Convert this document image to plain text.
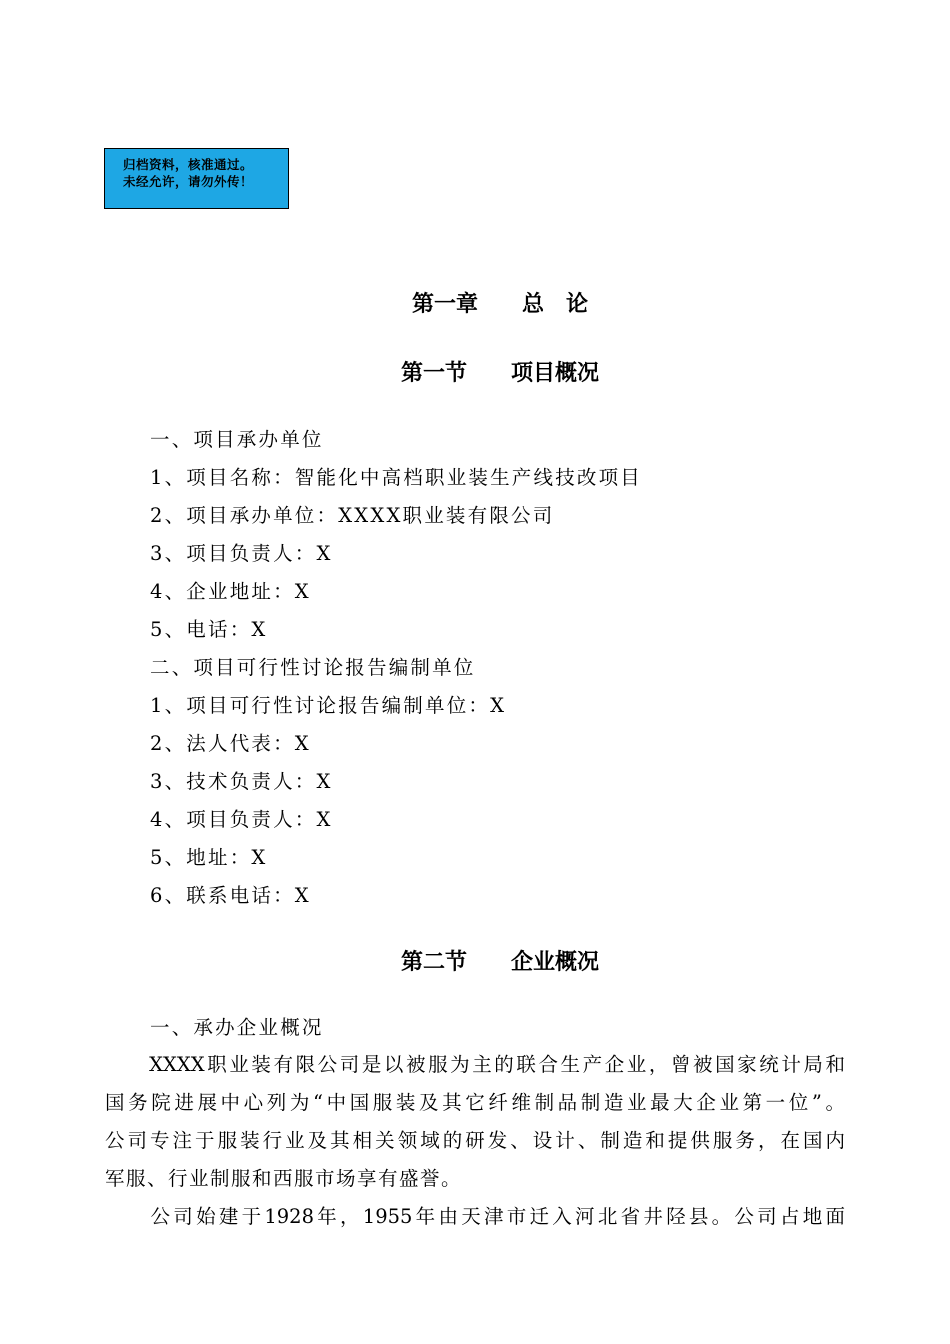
归档资料，核准通过。
未经允许，请勿外传！
第一章　　总　论
第一节　　项目概况
一、项目承办单位
1、项目名称：智能化中高档职业装生产线技改项目
2、项目承办单位：XXXX职业装有限公司
3、项目负责人：X
4、企业地址：X
5、电话：X
二、项目可行性讨论报告编制单位
1、项目可行性讨论报告编制单位：X
2、法人代表：X
3、技术负责人：X
4、项目负责人：X
5、地址：X
6、联系电话：X
第二节　　企业概况
一、承办企业概况
　　XXXX职业装有限公司是以被服为主的联合生产企业，曾被国家统计局和
国务院进展中心列为“中国服装及其它纤维制品制造业最大企业第一位”。
公司专注于服装行业及其相关领域的研发、设计、制造和提供服务，在国内
军服、行业制服和西服市场享有盛誉。
　　公司始建于1928年，1955年由天津市迁入河北省井陉县。公司占地面
